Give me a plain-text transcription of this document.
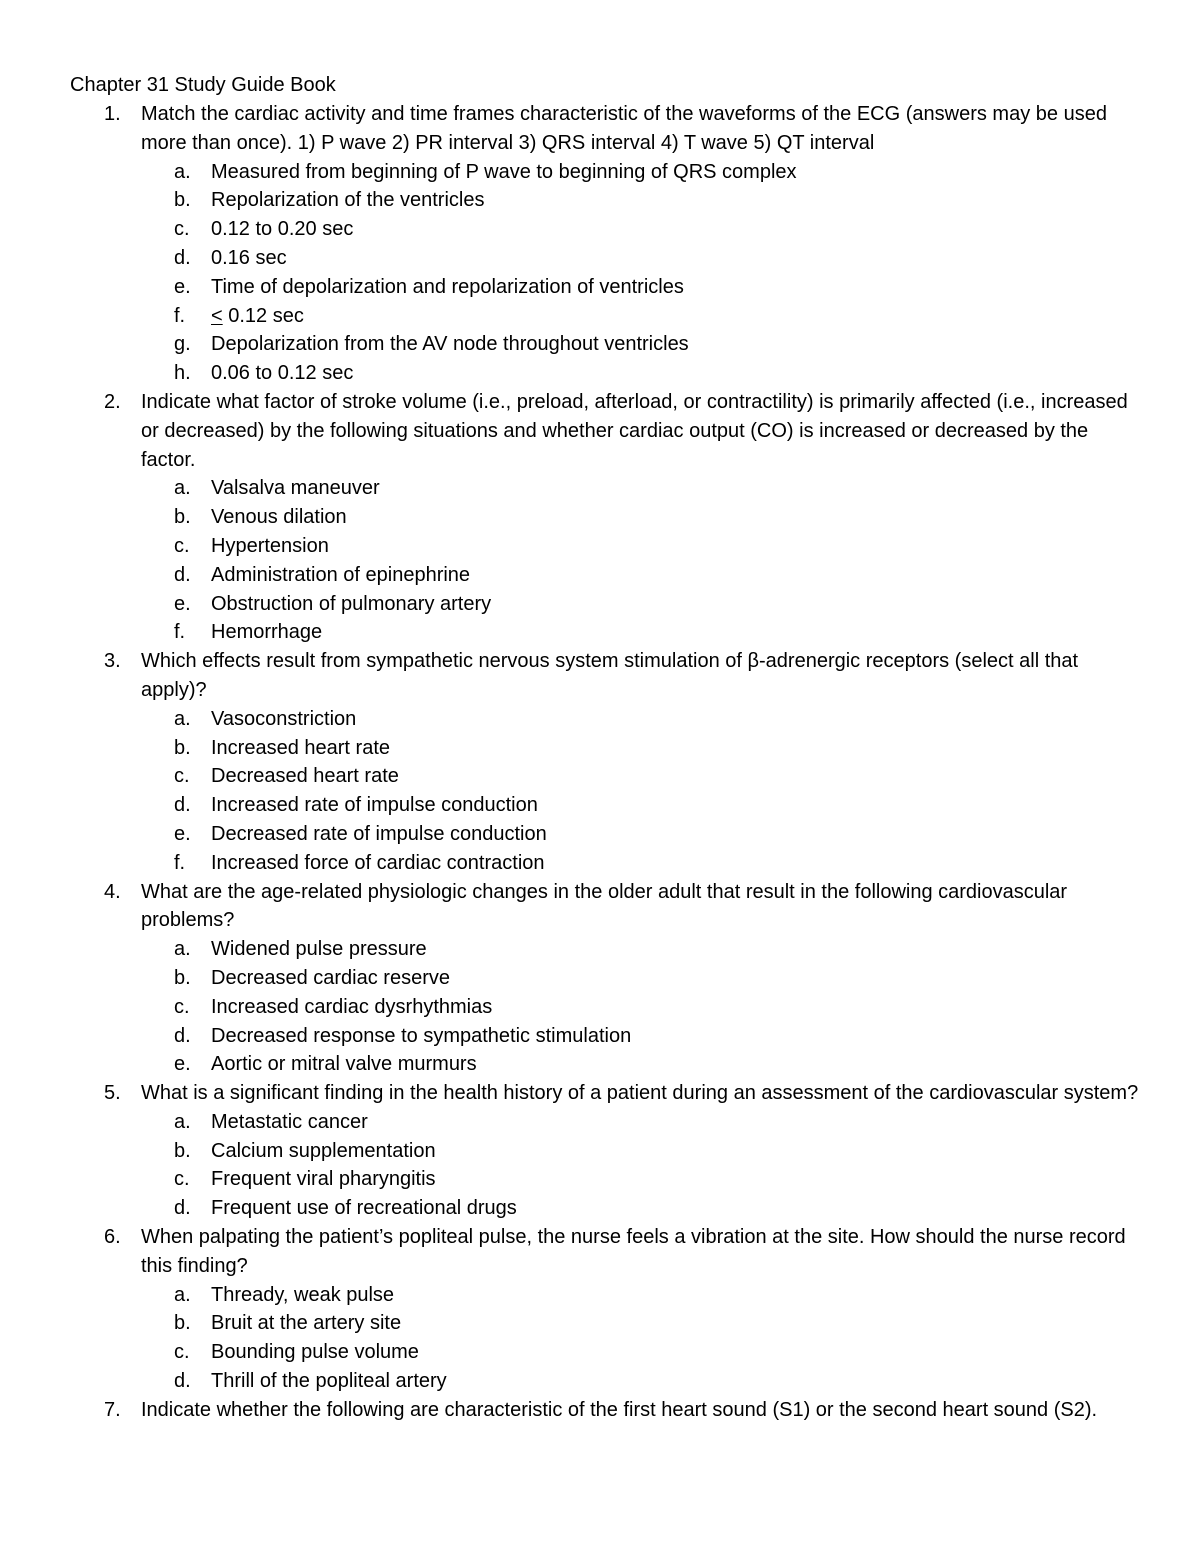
Chapter 31 Study Guide Book
1. Match the cardiac activity and time frames characteristic of the waveforms of the ECG (answers may be used more than once). 1) P wave 2) PR interval 3) QRS interval 4) T wave 5) QT interval
a. Measured from beginning of P wave to beginning of QRS complex
b. Repolarization of the ventricles
c. 0.12 to 0.20 sec
d. 0.16 sec
e. Time of depolarization and repolarization of ventricles
f. < 0.12 sec
g. Depolarization from the AV node throughout ventricles
h. 0.06 to 0.12 sec
2. Indicate what factor of stroke volume (i.e., preload, afterload, or contractility) is primarily affected (i.e., increased or decreased) by the following situations and whether cardiac output (CO) is increased or decreased by the factor.
a. Valsalva maneuver
b. Venous dilation
c. Hypertension
d. Administration of epinephrine
e. Obstruction of pulmonary artery
f. Hemorrhage
3. Which effects result from sympathetic nervous system stimulation of β-adrenergic receptors (select all that apply)?
a. Vasoconstriction
b. Increased heart rate
c. Decreased heart rate
d. Increased rate of impulse conduction
e. Decreased rate of impulse conduction
f. Increased force of cardiac contraction
4. What are the age-related physiologic changes in the older adult that result in the following cardiovascular problems?
a. Widened pulse pressure
b. Decreased cardiac reserve
c. Increased cardiac dysrhythmias
d. Decreased response to sympathetic stimulation
e. Aortic or mitral valve murmurs
5. What is a significant finding in the health history of a patient during an assessment of the cardiovascular system?
a. Metastatic cancer
b. Calcium supplementation
c. Frequent viral pharyngitis
d. Frequent use of recreational drugs
6. When palpating the patient’s popliteal pulse, the nurse feels a vibration at the site. How should the nurse record this finding?
a. Thready, weak pulse
b. Bruit at the artery site
c. Bounding pulse volume
d. Thrill of the popliteal artery
7. Indicate whether the following are characteristic of the first heart sound (S1) or the second heart sound (S2).
